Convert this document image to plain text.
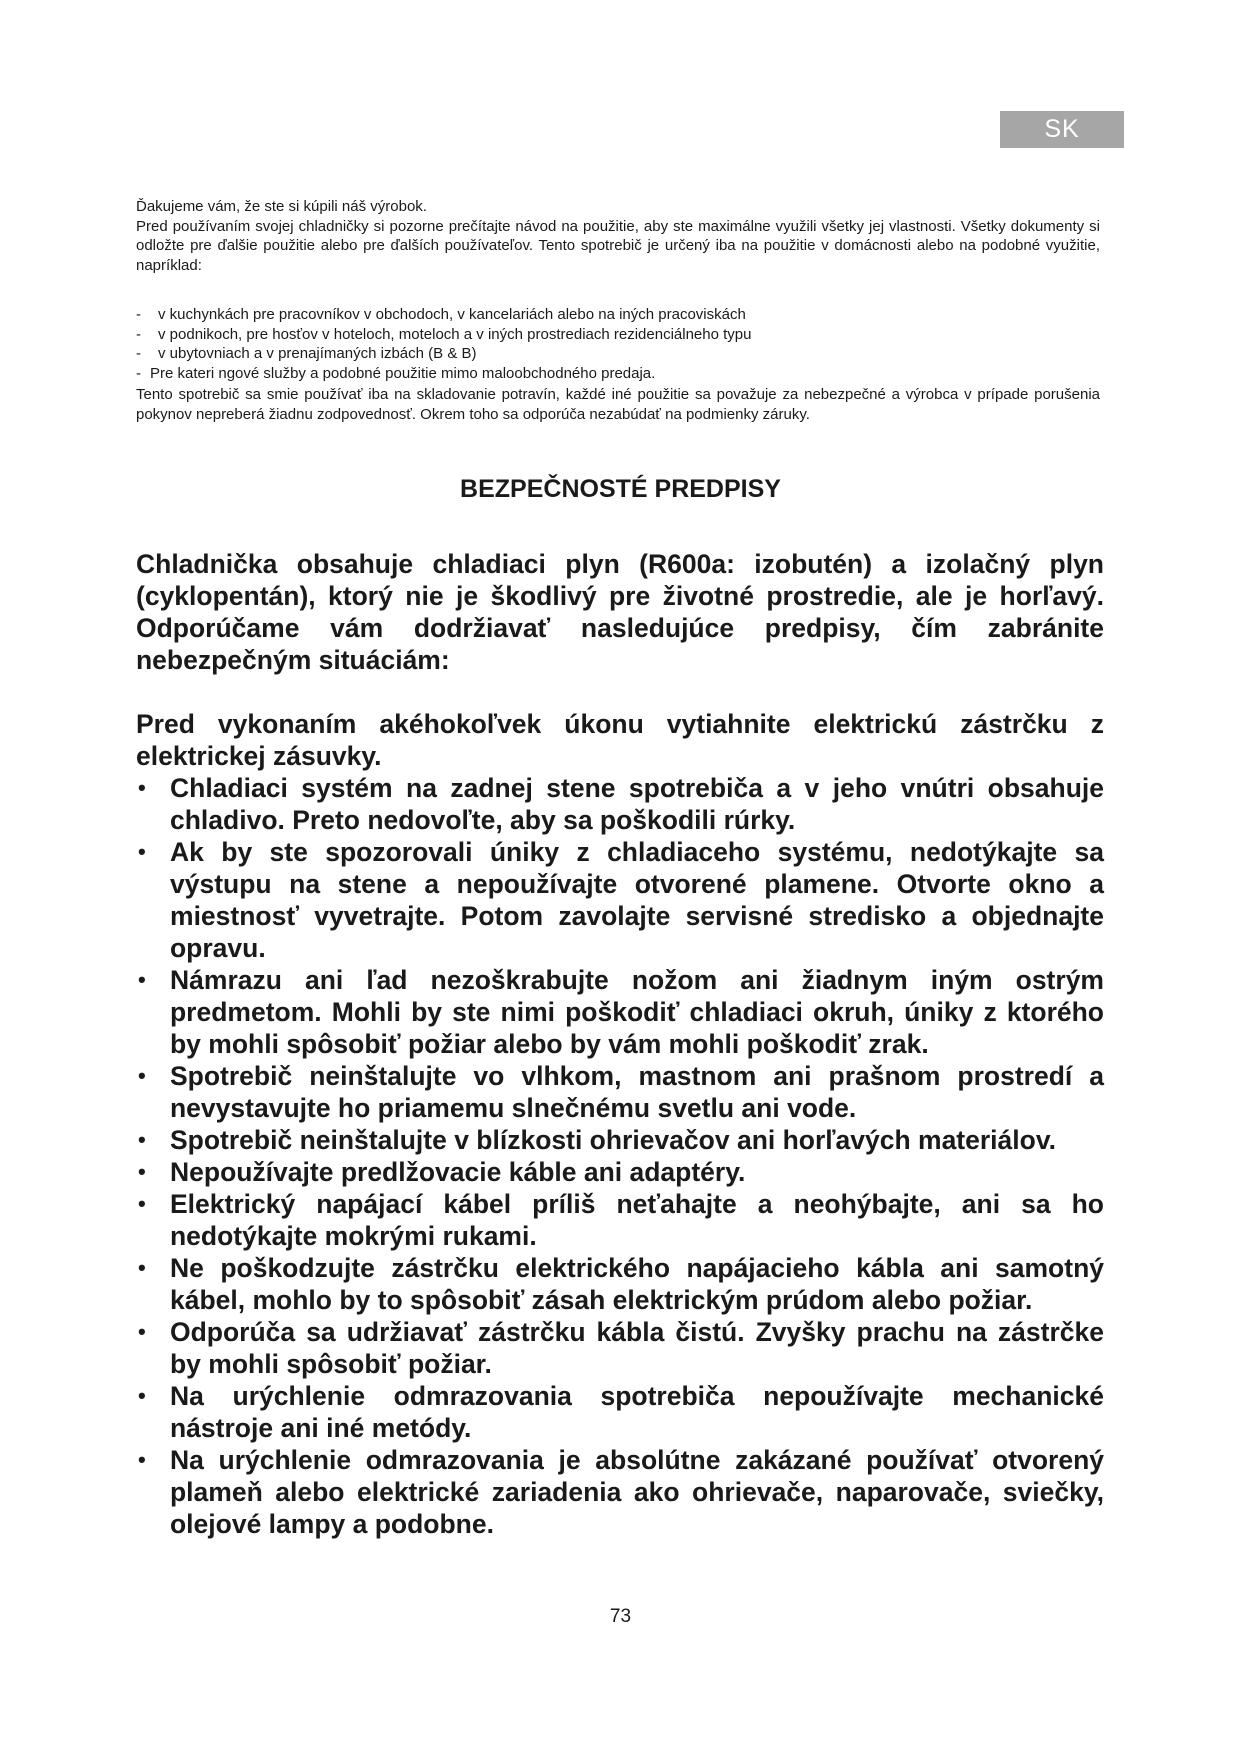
SK

Ďakujeme vám, že ste si kúpili náš výrobok.

Pred používaním svojej chladničky si pozorne prečítajte návod na použitie, aby ste maximálne využili všetky jej vlastnosti. Všetky dokumenty si odložte pre ďalšie použitie alebo pre ďalších používateľov. Tento spotrebič je určený iba na použitie v domácnosti alebo na podobné využitie, napríklad:

- v kuchynkách pre pracovníkov v obchodoch, v kancelariách alebo na iných pracoviskách
- v podnikoch, pre hosťov v hoteloch, moteloch a v iných prostrediach rezidenciálneho typu
- v ubytovniach a v prenajímaných izbách (B & B)
- Pre kateri ngové služby a podobné použitie mimo maloobchodného predaja.

Tento spotrebič sa smie používať iba na skladovanie potravín, každé iné použitie sa považuje za nebezpečné a výrobca v prípade porušenia pokynov nepreberá žiadnu zodpovednosť. Okrem toho sa odporúča nezabúdať na podmienky záruky.

BEZPEČNOSTÉ PREDPISY

Chladnička obsahuje chladiaci plyn (R600a: izobutén) a izolačný plyn (cyklopentán), ktorý nie je škodlivý pre životné prostredie, ale je horľavý. Odporúčame vám dodržiavať nasledujúce predpisy, čím zabránite nebezpečným situáciám:

Pred vykonaním akéhokoľvek úkonu vytiahnite elektrickú zástrčku z elektrickej zásuvky.

• Chladiaci systém na zadnej stene spotrebiča a v jeho vnútri obsahuje chladivo. Preto nedovoľte, aby sa poškodili rúrky.
• Ak by ste spozorovali úniky z chladiaceho systému, nedotýkajte sa výstupu na stene a nepoužívajte otvorené plamene. Otvorte okno a miestnosť vyvetrajte. Potom zavolajte servisné stredisko a objednajte opravu.
• Námrazu ani ľad nezoškrabujte nožom ani žiadnym iným ostrým predmetom. Mohli by ste nimi poškodiť chladiaci okruh, úniky z ktorého by mohli spôsobiť požiar alebo by vám mohli poškodiť zrak.
• Spotrebič neinštalujte vo vlhkom, mastnom ani prašnom prostredí a nevystavujte ho priamemu slnečnému svetlu ani vode.
• Spotrebič neinštalujte v blízkosti ohrievačov ani horľavých materiálov.
• Nepoužívajte predlžovacie káble ani adaptéry.
• Elektrický napájací kábel príliš neťahajte a neohýbajte, ani sa ho nedotýkajte mokrými rukami.
• Ne poškodzujte zástrčku elektrického napájacieho kábla ani samotný kábel, mohlo by to spôsobiť zásah elektrickým prúdom alebo požiar.
• Odporúča sa udržiavať zástrčku kábla čistú. Zvyšky prachu na zástrčke by mohli spôsobiť požiar.
• Na urýchlenie odmrazovania spotrebiča nepoužívajte mechanické nástroje ani iné metódy.
• Na urýchlenie odmrazovania je absolútne zakázané používať otvorený plameň alebo elektrické zariadenia ako ohrievače, naparovače, sviečky, olejové lampy a podobne.

73
